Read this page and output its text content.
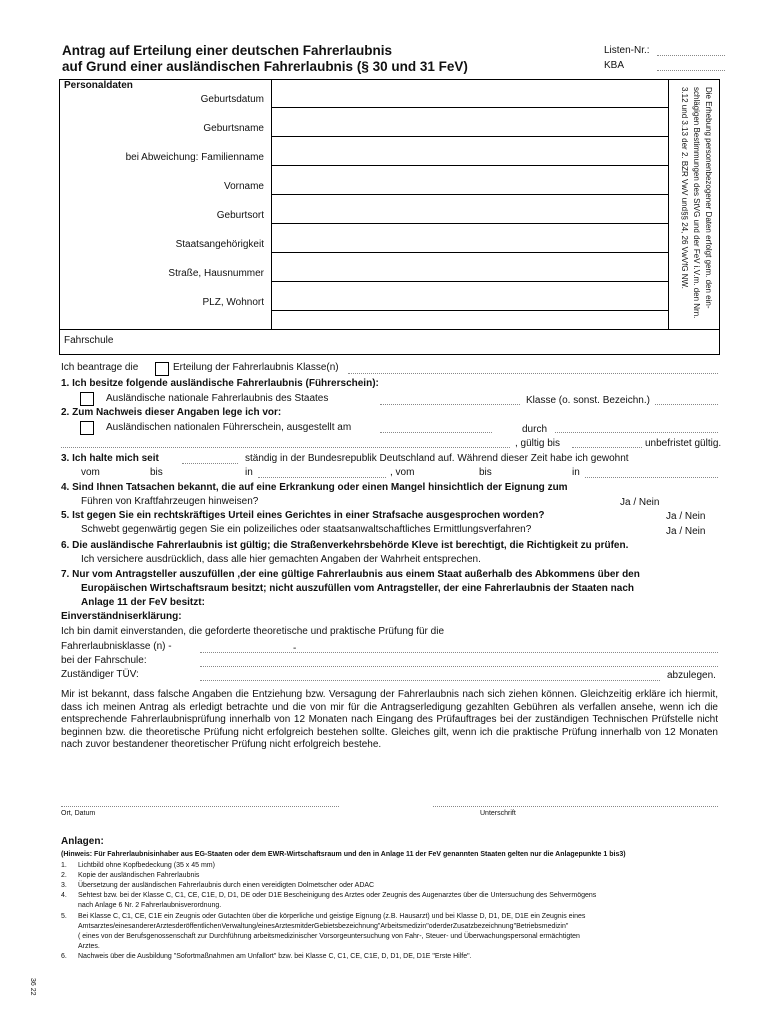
Antrag auf Erteilung einer deutschen Fahrerlaubnis
auf Grund einer ausländischen Fahrerlaubnis (§ 30 und 31 FeV)
Listen-Nr.:
KBA
Personaldaten
Geburtsdatum
Geburtsname
bei Abweichung: Familienname
Vorname
Geburtsort
Staatsangehörigkeit
Straße, Hausnummer
PLZ, Wohnort
Fahrschule
Die Erhebung personenbezogener Daten erfolgt gem. den ein-
schlägigen Bestimmungen des StVG und der FeV i.V.m. den Nrn.
3.12 und 3.13 der 2. BZR VwV und§§ 24, 26 VwVfG NW.
Ich beantrage die	Erteilung der Fahrerlaubnis Klasse(n)
1. Ich besitze folgende ausländische Fahrerlaubnis (Führerschein):
Ausländische nationale Fahrerlaubnis des Staates	Klasse (o. sonst. Bezeichn.)
2. Zum Nachweis dieser Angaben lege ich vor:
Ausländischen nationalen Führerschein, ausgestellt am	durch
, gültig bis	unbefristet gültig.
3. Ich halte mich seit	ständig in der Bundesrepublik Deutschland auf. Während dieser Zeit habe ich gewohnt
vom	bis	in	, vom	bis	in
4. Sind Ihnen Tatsachen bekannt, die auf eine Erkrankung oder einen Mangel hinsichtlich der Eignung zum
Führen von Kraftfahrzeugen hinweisen?	Ja / Nein
5. Ist gegen Sie ein rechtskräftiges Urteil eines Gerichtes in einer Strafsache ausgesprochen worden?	Ja / Nein
Schwebt gegenwärtig gegen Sie ein polizeiliches oder staatsanwaltschaftliches Ermittlungsverfahren?	Ja / Nein
6. Die ausländische Fahrerlaubnis ist gültig; die Straßenverkehrsbehörde Kleve ist berechtigt, die Richtigkeit zu prüfen.
Ich versichere ausdrücklich, dass alle hier gemachten Angaben der Wahrheit entsprechen.
7. Nur vom Antragsteller auszufüllen ,der eine gültige Fahrerlaubnis aus einem Staat außerhalb des Abkommens über den
Europäischen Wirtschaftsraum besitzt; nicht auszufüllen vom Antragsteller, der eine Fahrerlaubnis der Staaten nach
Anlage 11 der FeV besitzt:
Einverständniserklärung:
Ich bin damit einverstanden, die geforderte theoretische und praktische Prüfung für die
Fahrerlaubnisklasse (n) -	-
bei der Fahrschule:
Zuständiger TÜV:	abzulegen.
Mir ist bekannt, dass falsche Angaben die Entziehung bzw. Versagung der Fahrerlaubnis nach sich ziehen können. Gleichzeitig erkläre ich hiermit, dass ich meinen Antrag als erledigt betrachte und die von mir für die Antragserledigung gezahlten Gebühren als verfallen ansehe, wenn ich die entsprechende Fahrerlaubnisprüfung innerhalb von 12 Monaten nach Eingang des Prüfauftrages bei der zuständigen Technischen Prüfstelle nicht beginnen bzw. die theoretische Prüfung nicht erfolgreich bestehen sollte. Gleiches gilt, wenn ich die praktische Prüfung innerhalb von 12 Monaten nach zuvor bestandener theoretischer Prüfung nicht erfolgreich bestehe.
Ort, Datum	Unterschrift
Anlagen:
(Hinweis: Für Fahrerlaubnisinhaber aus EG-Staaten oder dem EWR-Wirtschaftsraum und den in Anlage 11 der FeV genannten Staaten gelten nur die Anlagepunkte 1 bis3)
1. Lichtbild ohne Kopfbedeckung (35 x 45 mm)
2. Kopie der ausländischen Fahrerlaubnis
3. Übersetzung der ausländischen Fahrerlaubnis durch einen vereidigten Dolmetscher oder ADAC
4. Sehtest bzw. bei der Klasse C, C1, CE, C1E, D, D1, DE oder D1E Bescheinigung des Arztes oder Zeugnis des Augenarztes über die Untersuchung des Sehvermögens
nach Anlage 6 Nr. 2 Fahrerlaubnisverordnung.
5. Bei Klasse C, C1, CE, C1E ein Zeugnis oder Gutachten über die körperliche und geistige Eignung (z.B. Hausarzt) und bei Klasse D, D1, DE, D1E ein Zeugnis eines
Amtsarztes/einesandererArztesderöffentlichenVerwaltung/einesArztesmitderGebietsbezeichnung"Arbeitsmedizin"oderderZusatzbezeichnung"Betriebsmedizin"
( eines von der Berufsgenossenschaft zur Durchführung arbeitsmedizinischer Vorsorgeuntersuchung von Fahr-, Steuer- und Überwachungspersonal ermächtigten
Arztes.
6. Nachweis über die Ausbildung "Sofortmaßnahmen am Unfallort" bzw. bei Klasse C, C1, CE, C1E, D, D1, DE, D1E "Erste Hilfe".
36 22
